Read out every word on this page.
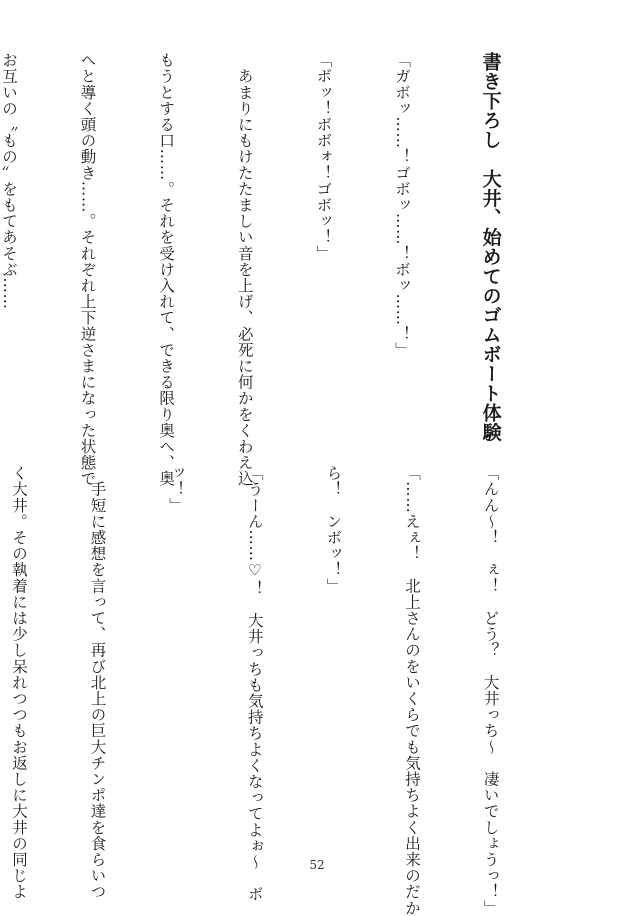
書き下ろし　大井、始めてのゴムボート体験

「ガボッ……！ゴボッ……！ボッ……！」

「ボッ！ボボォ！ゴボッ！」

　あまりにもけたたましい音を上げ、必死に何かをくわえ込

もうとする口……。それを受け入れて、できる限り奥へ、奥

へと導く頭の動き……。それぞれ上下逆さまになった状態で

お互いの〝もの〟をもてあそぶ……

「んん〜！　ぇ！　どう？　大井っち〜　凄いでしょうっ！」

「……えぇ！　北上さんのをいくらでも気持ちよく出来のだか

ら！　ンボッ！」

「うーん……♡！　大井っちも気持ちよくなってよぉ〜　ボ

ッ！」

　手短に感想を言って、再び北上の巨大チンポ達を食らいつ

く大井。その執着には少し呆れつつもお返しに大井の同じよ

	52
